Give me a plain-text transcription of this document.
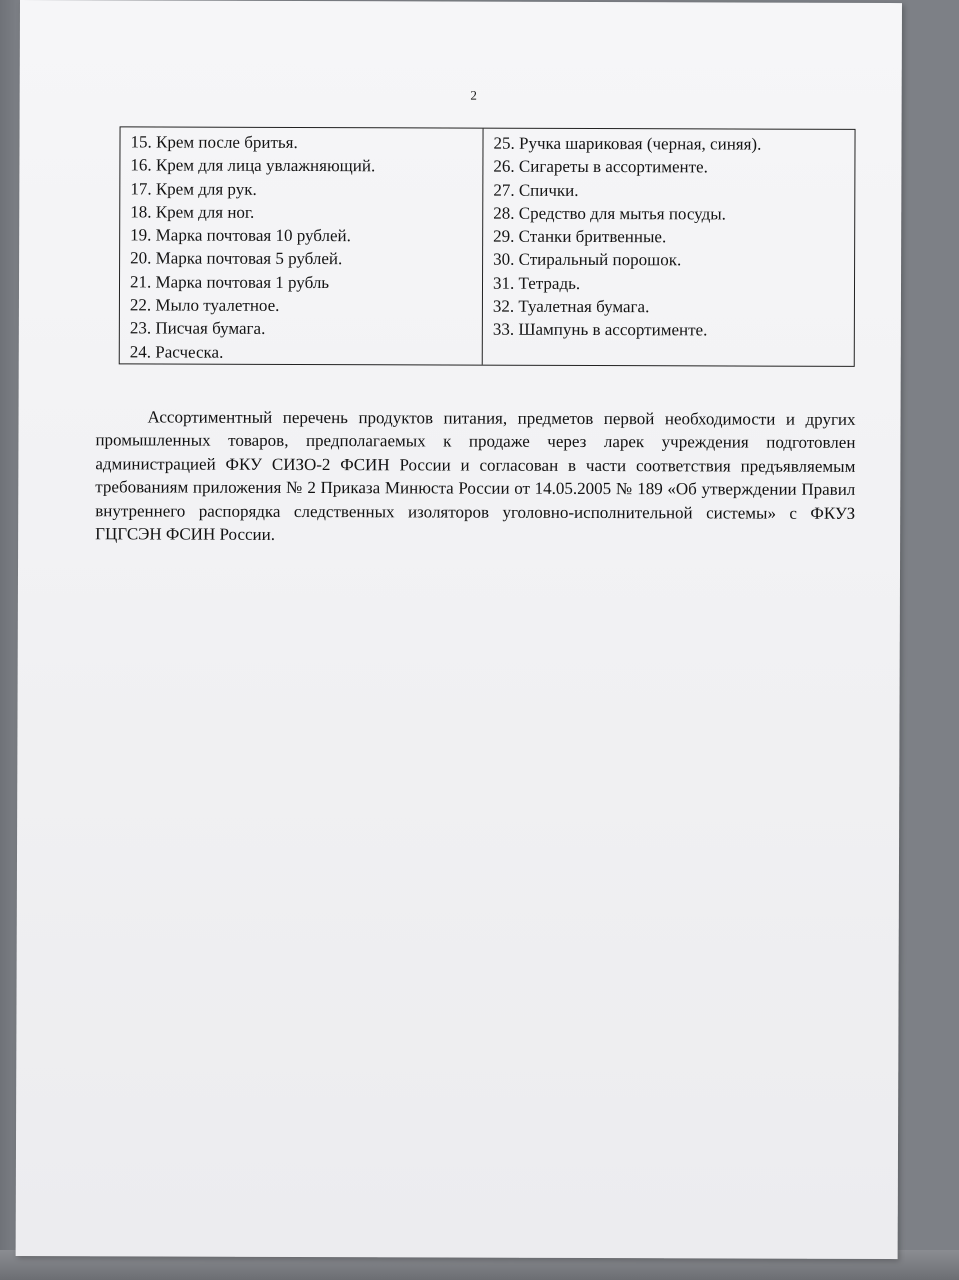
2
15. Крем после бритья.
16. Крем для лица увлажняющий.
17. Крем для рук.
18. Крем для ног.
19. Марка почтовая 10 рублей.
20. Марка почтовая 5 рублей.
21. Марка почтовая 1 рубль
22. Мыло туалетное.
23. Писчая бумага.
24. Расческа.
25. Ручка шариковая (черная, синяя).
26. Сигареты в ассортименте.
27. Спички.
28. Средство для мытья посуды.
29. Станки бритвенные.
30. Стиральный порошок.
31. Тетрадь.
32. Туалетная бумага.
33. Шампунь в ассортименте.

Ассортиментный перечень продуктов питания, предметов первой необходимости и других промышленных товаров, предполагаемых к продаже через ларек учреждения подготовлен администрацией ФКУ СИЗО-2 ФСИН России и согласован в части соответствия предъявляемым требованиям приложения № 2 Приказа Минюста России от 14.05.2005 № 189 «Об утверждении Правил внутреннего распорядка следственных изоляторов уголовно-исполнительной системы» с ФКУЗ ГЦГСЭН ФСИН России.
